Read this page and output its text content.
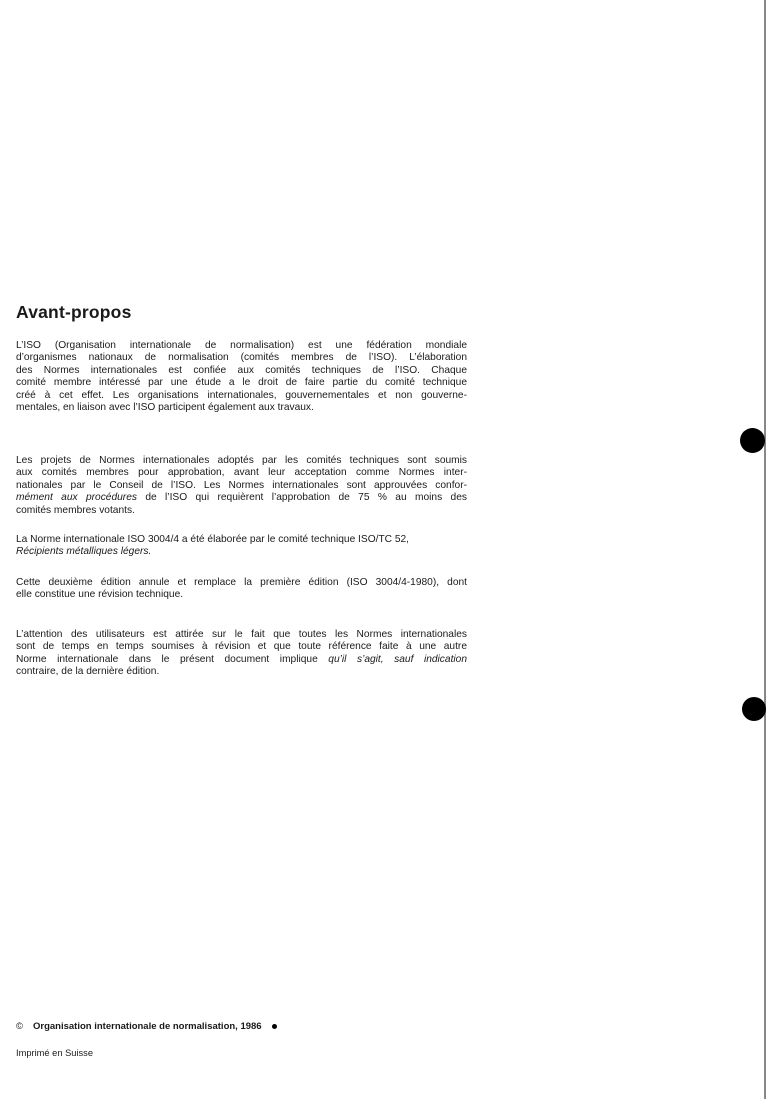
Avant-propos
L’ISO (Organisation internationale de normalisation) est une fédération mondiale
d’organismes nationaux de normalisation (comités membres de l’ISO). L’élaboration
des Normes internationales est confiée aux comités techniques de l’ISO. Chaque
comité membre intéressé par une étude a le droit de faire partie du comité technique
créé à cet effet. Les organisations internationales, gouvernementales et non gouverne-
mentales, en liaison avec l’ISO participent également aux travaux.
Les projets de Normes internationales adoptés par les comités techniques sont soumis
aux comités membres pour approbation, avant leur acceptation comme Normes inter-
nationales par le Conseil de l’ISO. Les Normes internationales sont approuvées confor-
mément aux procédures de l’ISO qui requièrent l’approbation de 75 % au moins des
comités membres votants.
La Norme internationale ISO 3004/4 a été élaborée par le comité technique ISO/TC 52,
Récipients métalliques légers.
Cette deuxième édition annule et remplace la première édition (ISO 3004/4-1980), dont
elle constitue une révision technique.
L’attention des utilisateurs est attirée sur le fait que toutes les Normes internationales
sont de temps en temps soumises à révision et que toute référence faite à une autre
Norme internationale dans le présent document implique qu’il s’agit, sauf indication
contraire, de la dernière édition.
© Organisation internationale de normalisation, 1986
Imprimé en Suisse
